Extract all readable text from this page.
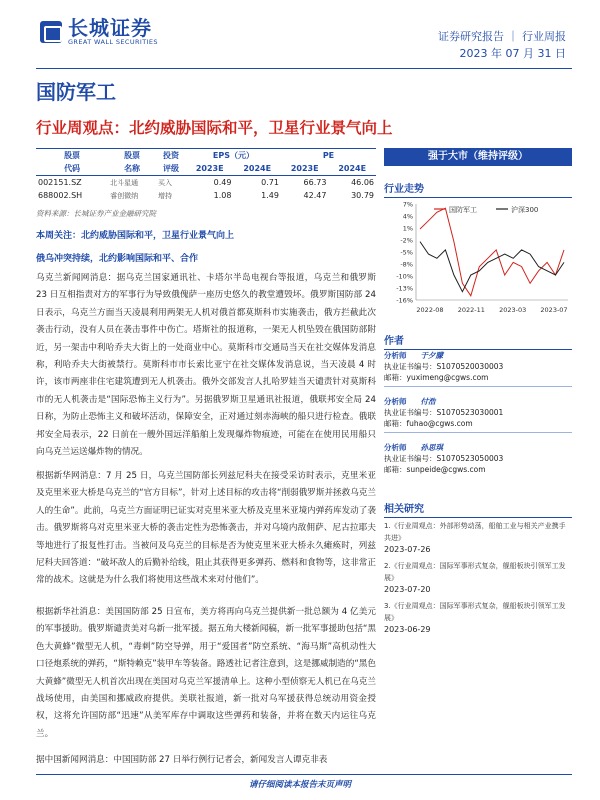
长城证券
GREAT WALL SECURITIES	证券研究报告 ｜ 行业周报
2023 年 07 月 31 日
国防军工
行业周观点：北约威胁国际和平，卫星行业景气向上
股票	股票	投资	EPS（元）		PE	
代码	名称	评级	2023E	2024E	2023E	2024E
002151.SZ	北斗星通	买入	0.49	0.71	66.73	46.06
688002.SH	睿创微纳	增持	1.08	1.49	42.47	30.79
资料来源：长城证券产业金融研究院
本周关注：北约威胁国际和平，卫星行业景气向上
俄乌冲突持续，北约影响国际和平、合作

乌克兰新闻网消息：据乌克兰国家通讯社、卡塔尔半岛电视台等报道，乌克兰和俄罗斯 23 日互相指责对方的军事行为导致俄傀萨一座历史悠久的教堂遭毁坏。俄罗斯国防部 24 日表示，乌克兰方面当天凌晨利用两架无人机对俄首都莫斯科市实施袭击，俄方拦截此次袭击行动，没有人员在袭击事件中伤亡。塔斯社的报道称，一架无人机坠毁在俄国防部附近，另一架击中利哈乔夫大街上的一处商业中心。莫斯科市交通局当天在社交媒体发消息称，利哈乔夫大街被禁行。莫斯科市市长索比亚宁在社交媒体发消息说，当天凌晨 4 时许，该市两座非住宅建筑遭到无人机袭击。俄外交部发言人扎哈罗娃当天谴责针对莫斯科市的无人机袭击是“国际恐怖主义行为”。另据俄罗斯卫星通讯社报道，俄联邦安全局 24 日称，为防止恐怖主义和破坏活动，保障安全，正对通过刻赤海峡的船只进行检查。俄联邦安全局表示，22 日前在一艘外国远洋船舶上发现爆炸物痕迹，可能在在使用民用船只向乌克兰运送爆炸物的情况。

根据新华网消息：7 月 25 日，乌克兰国防部长列兹尼科夫在接受采访时表示，克里米亚及克里米亚大桥是乌克兰的“官方目标”，针对上述目标的攻击将“削弱俄罗斯并拯救乌克兰人的生命”。此前，乌克兰方面证明已证实对克里米亚大桥及克里米亚境内弹药库发动了袭击。俄罗斯将乌对克里米亚大桥的袭击定性为恐怖袭击，并对乌境内敌佣萨、尼古拉耶夫等地进行了报复性打击。当被问及乌克兰的目标是否为使克里米亚大桥永久瘫痪时，列兹尼科夫回答道：“破坏敌人的后勤补给线，阻止其获得更多弹药、燃料和食物等，这非常正常的战术。这就是为什么我们将使用这些战术来对付他们”。

根据新华社消息：美国国防部 25 日宣布，美方将再向乌克兰提供新一批总额为 4 亿美元的军事援助。俄罗斯谴责美对乌新一批军援。据五角大楼新闻稿，新一批军事援助包括“黑色大黄蜂”微型无人机，“毒刺”防空导弹，用于“爱国者”防空系统、“海马斯”高机动性大口径炮系统的弹药，“斯特赖克”装甲车等装备。路透社记者注意到，这是挪威制造的“黑色大黄蜂”微型无人机首次出现在美国对乌克兰军援清单上。这种小型侦察无人机已在乌克兰战场使用，由美国和挪威政府提供。美联社报道，新一批对乌军援获得总统动用资金授权，这将允许国防部“迅速”从美军库存中调取这些弹药和装备，并将在数天内运往乌克兰。

据中国新闻网消息：中国国防部 27 日举行例行记者会，新闻发言人谭克非表

强于大市（维持评级）
行业走势
国防军工	沪深300
7%
4%
1%
-2%
-5%
-8%
-10%
-13%
-16%
2022-08 2022-11 2023-03 2023-07
作者
分析师 于夕朦
执业证书编号：S1070520030003
邮箱：yuximeng@cgws.com
分析师 付浩
执业证书编号：S1070523030001
邮箱：fuhao@cgws.com
分析师 孙思琪
执业证书编号：S1070523050003
邮箱：sunpeide@cgws.com
相关研究
1.《行业周观点：外部形势动荡，船舶工业与相关产业携手共进》
2023-07-26
2.《行业周观点：国际军事形式复杂，舰船板块引领军工发展》
2023-07-20
3.《行业周观点：国际军事形式复杂，舰船板块引领军工发展》
2023-06-29
请仔细阅读本报告末页声明
